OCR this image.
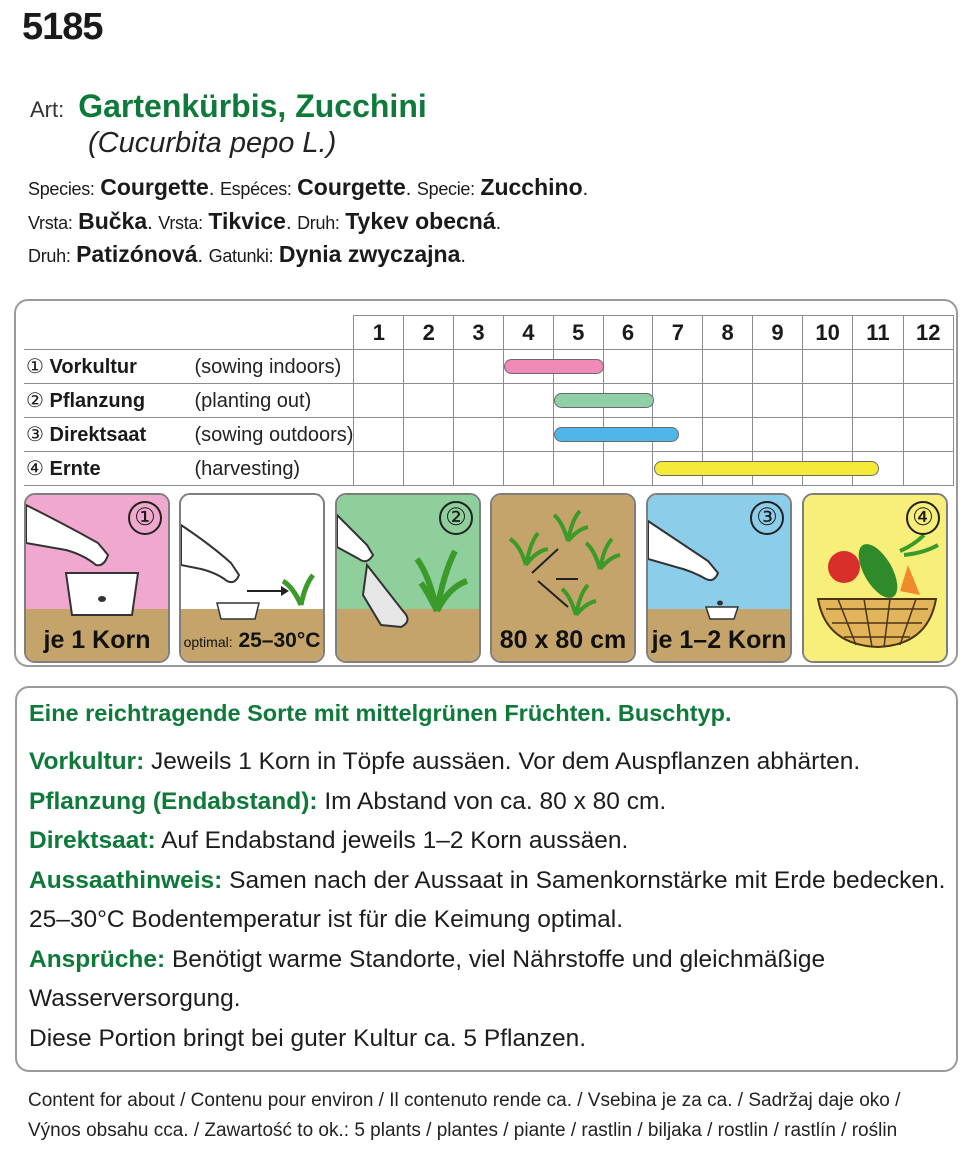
5185
Art: Gartenkürbis, Zucchini
(Cucurbita pepo L.)
Species: Courgette. Espéces: Courgette. Specie: Zucchino.
Vrsta: Bučka. Vrsta: Tikvice. Druh: Tykev obecná.
Druh: Patizónová. Gatunki: Dynia zwyczajna.
	1	2	3	4	5	6	7	8	9	10	11	12
① Vorkultur (sowing indoors)												
② Pflanzung (planting out)												
③ Direktsaat (sowing outdoors)												
④ Ernte (harvesting)												
①
je 1 Korn	optimal: 25–30°C
②
80 x 80 cm
③
je 1–2 Korn
④
Eine reichtragende Sorte mit mittelgrünen Früchten. Buschtyp.
Vorkultur: Jeweils 1 Korn in Töpfe aussäen. Vor dem Auspflanzen abhärten.
Pflanzung (Endabstand): Im Abstand von ca. 80 x 80 cm.
Direktsaat: Auf Endabstand jeweils 1–2 Korn aussäen.
Aussaathinweis: Samen nach der Aussaat in Samenkornstärke mit Erde bedecken. 25–30°C Bodentemperatur ist für die Keimung optimal.
Ansprüche: Benötigt warme Standorte, viel Nährstoffe und gleichmäßige Wasserversorgung.
Diese Portion bringt bei guter Kultur ca. 5 Pflanzen.
Content for about / Contenu pour environ / Il contenuto rende ca. / Vsebina je za ca. / Sadržaj daje oko /
Výnos obsahu cca. / Zawartość to ok.: 5 plants / plantes / piante / rastlin / biljaka / rostlin / rastlín / roślin
